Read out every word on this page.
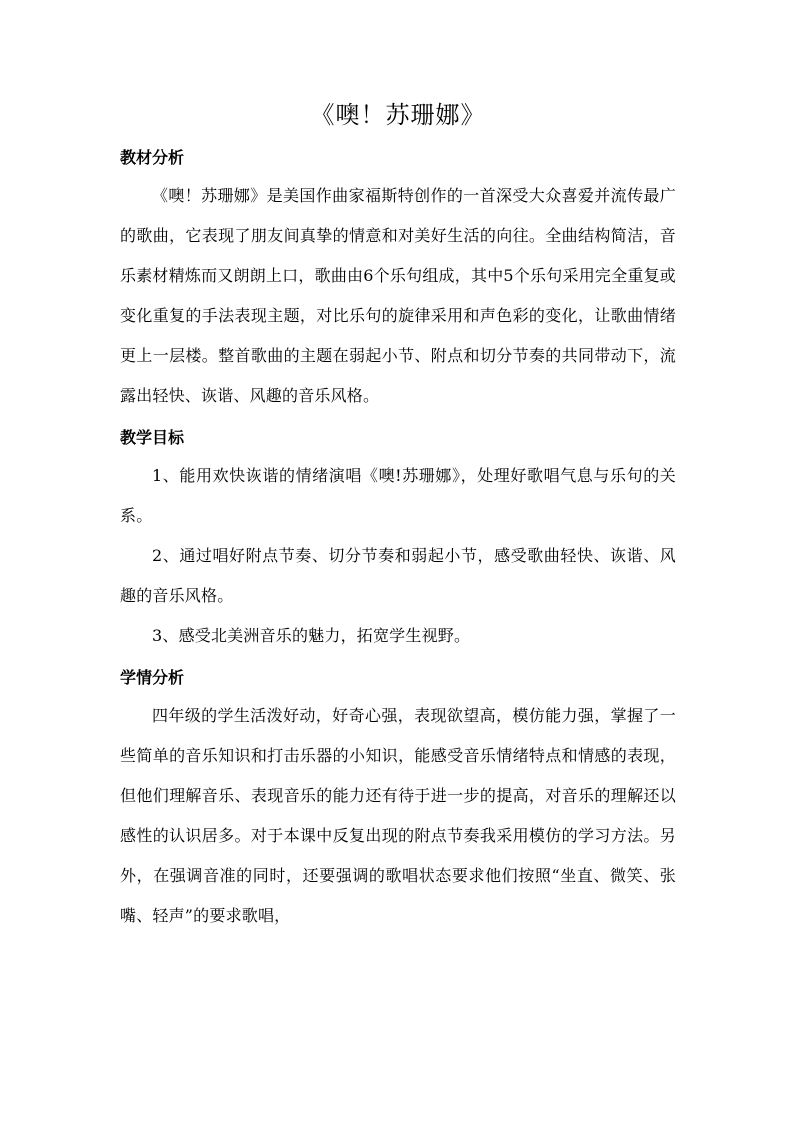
《噢！苏珊娜》
教材分析

《噢！苏珊娜》是美国作曲家福斯特创作的一首深受大众喜爱并流传最广的歌曲，它表现了朋友间真挚的情意和对美好生活的向往。全曲结构简洁，音乐素材精炼而又朗朗上口，歌曲由6个乐句组成，其中5个乐句采用完全重复或变化重复的手法表现主题，对比乐句的旋律采用和声色彩的变化，让歌曲情绪更上一层楼。整首歌曲的主题在弱起小节、附点和切分节奏的共同带动下，流露出轻快、诙谐、风趣的音乐风格。

教学目标

1、能用欢快诙谐的情绪演唱《噢!苏珊娜》，处理好歌唱气息与乐句的关系。

2、通过唱好附点节奏、切分节奏和弱起小节，感受歌曲轻快、诙谐、风趣的音乐风格。

3、感受北美洲音乐的魅力，拓宽学生视野。

学情分析

四年级的学生活泼好动，好奇心强，表现欲望高，模仿能力强，掌握了一些简单的音乐知识和打击乐器的小知识，能感受音乐情绪特点和情感的表现，但他们理解音乐、表现音乐的能力还有待于进一步的提高，对音乐的理解还以感性的认识居多。对于本课中反复出现的附点节奏我采用模仿的学习方法。另外，在强调音准的同时，还要强调的歌唱状态要求他们按照“坐直、微笑、张嘴、轻声”的要求歌唱，
